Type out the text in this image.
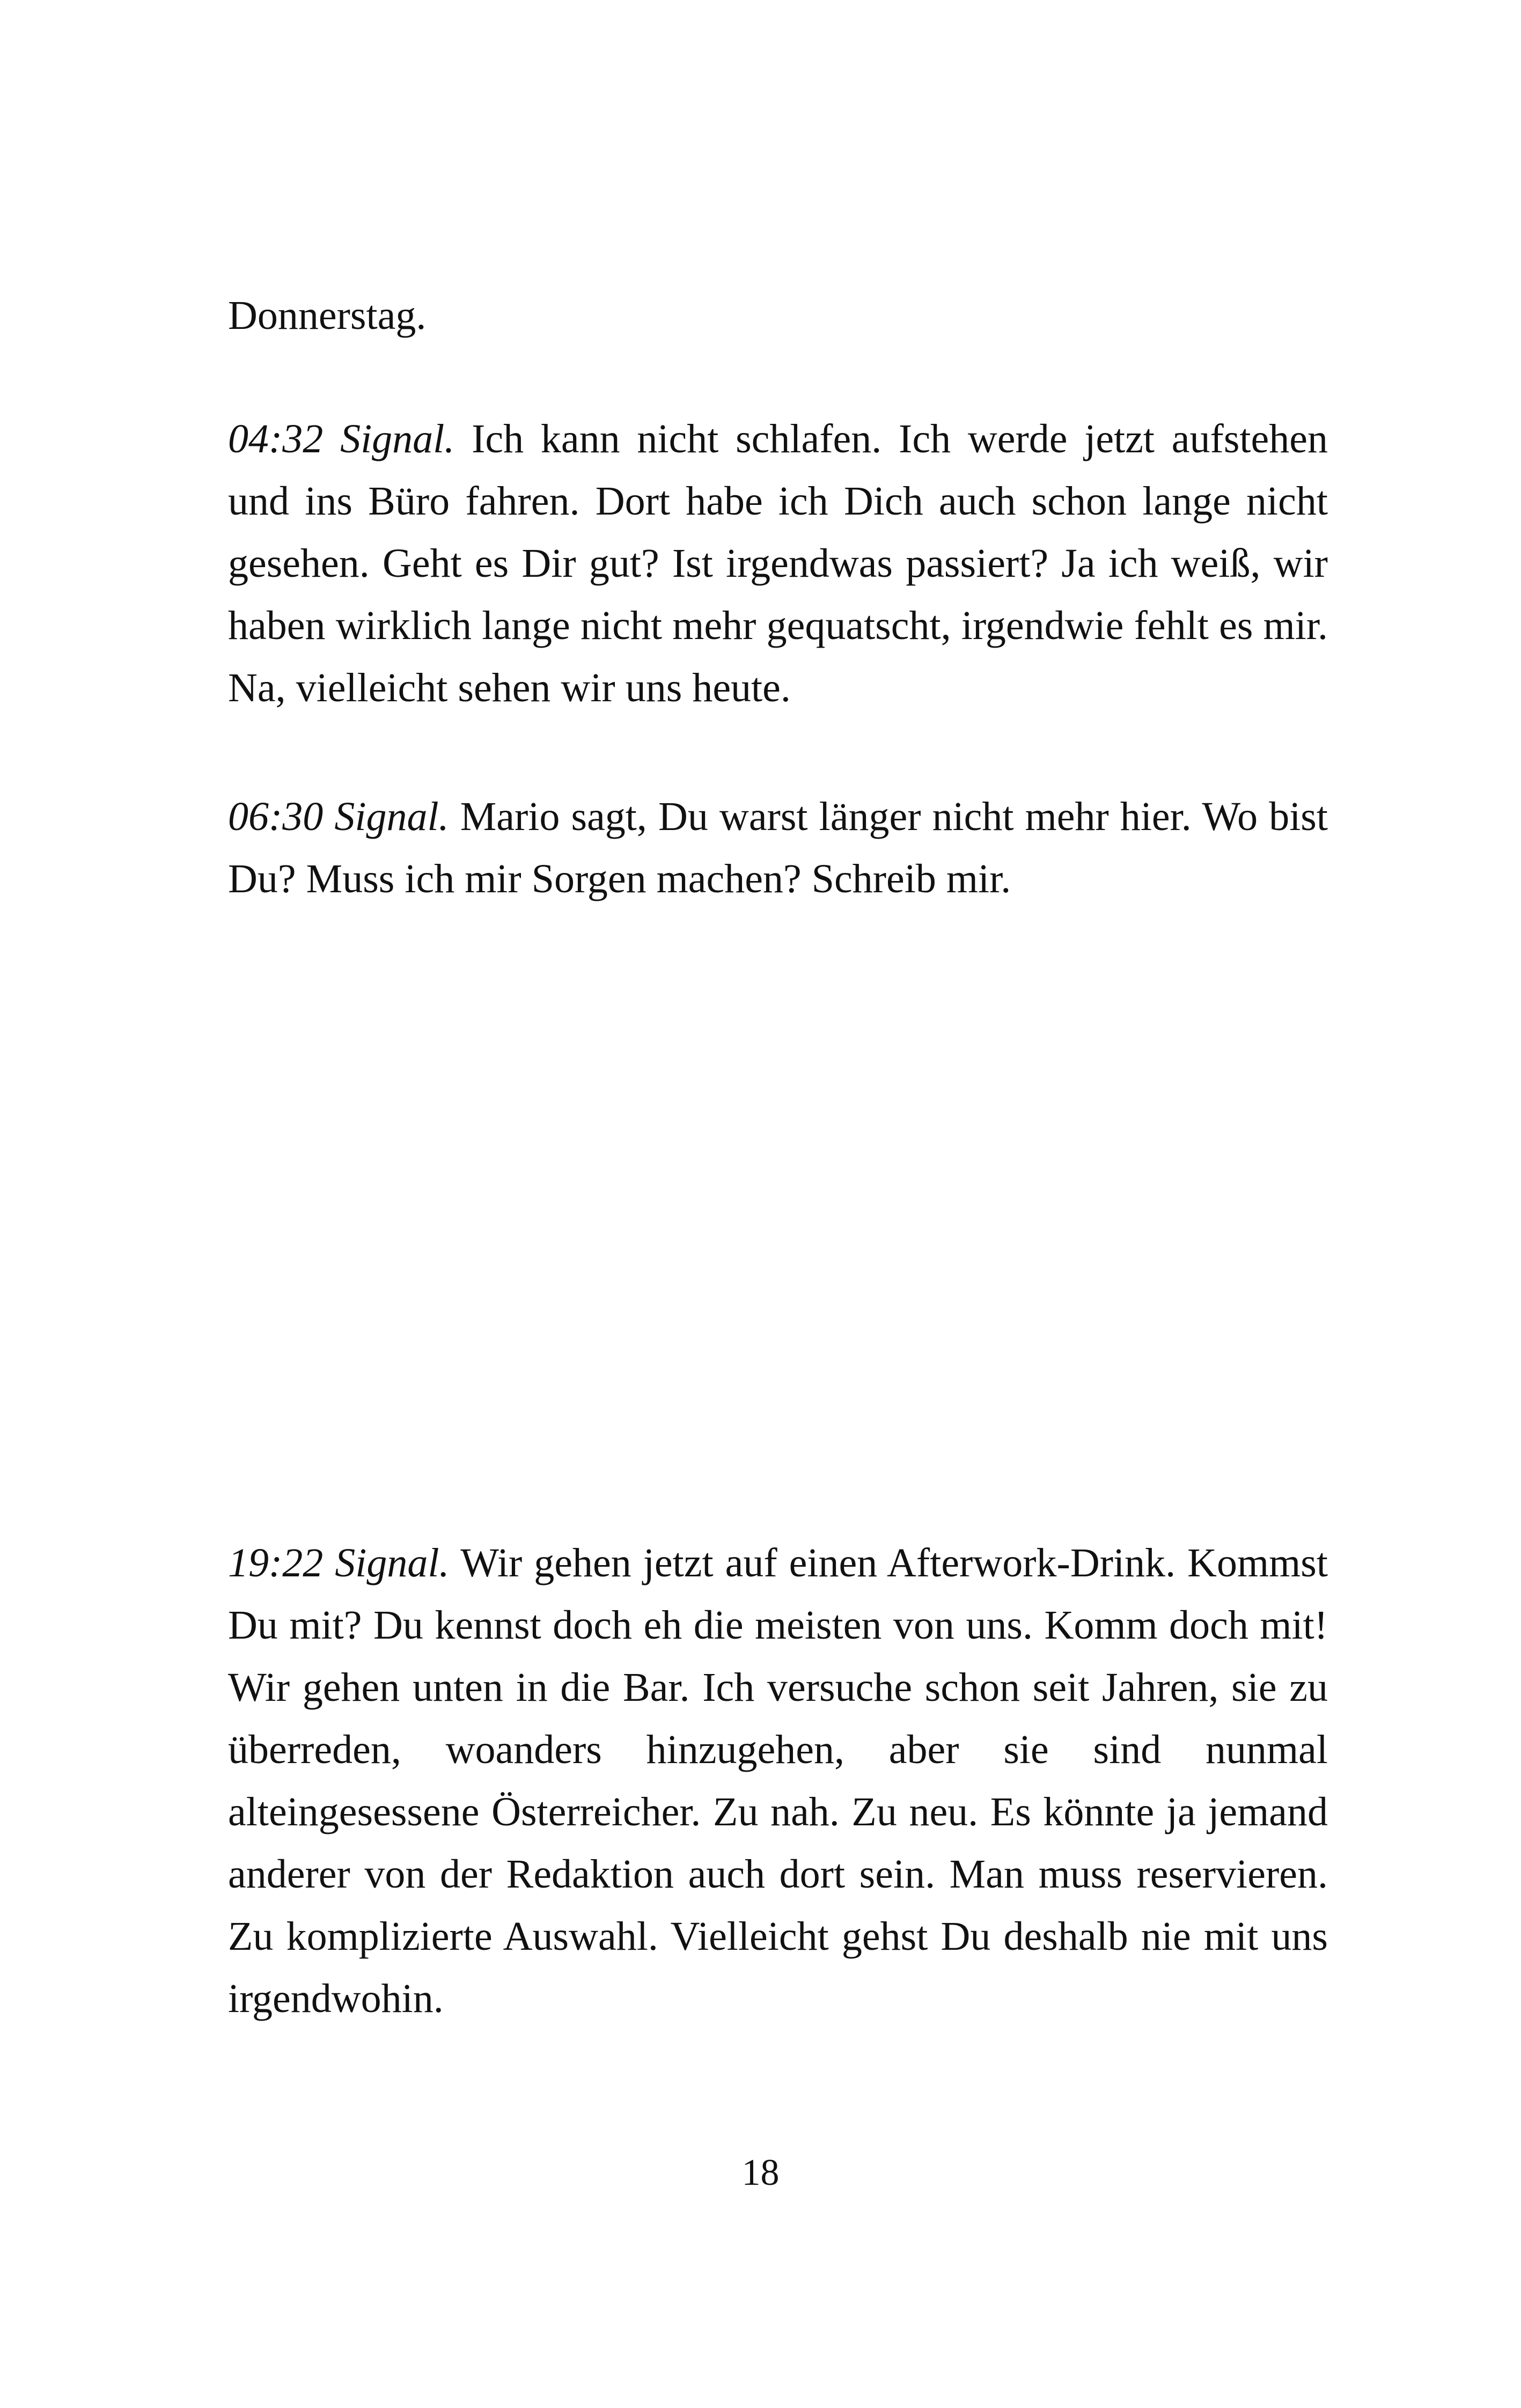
Donnerstag.

04:32 Signal. Ich kann nicht schlafen. Ich werde jetzt aufstehen und ins Büro fahren. Dort habe ich Dich auch schon lange nicht gesehen. Geht es Dir gut? Ist irgendwas passiert? Ja ich weiß, wir haben wirklich lange nicht mehr gequatscht, irgendwie fehlt es mir. Na, vielleicht sehen wir uns heute.

06:30 Signal. Mario sagt, Du warst länger nicht mehr hier. Wo bist Du? Muss ich mir Sorgen machen? Schreib mir.

19:22 Signal. Wir gehen jetzt auf einen Afterwork-Drink. Kommst Du mit? Du kennst doch eh die meisten von uns. Komm doch mit! Wir gehen unten in die Bar. Ich versuche schon seit Jahren, sie zu überreden, woanders hinzugehen, aber sie sind nunmal alteingesessene Österreicher. Zu nah. Zu neu. Es könnte ja jemand anderer von der Redaktion auch dort sein. Man muss reservieren. Zu komplizierte Auswahl. Vielleicht gehst Du deshalb nie mit uns irgendwohin.

18
